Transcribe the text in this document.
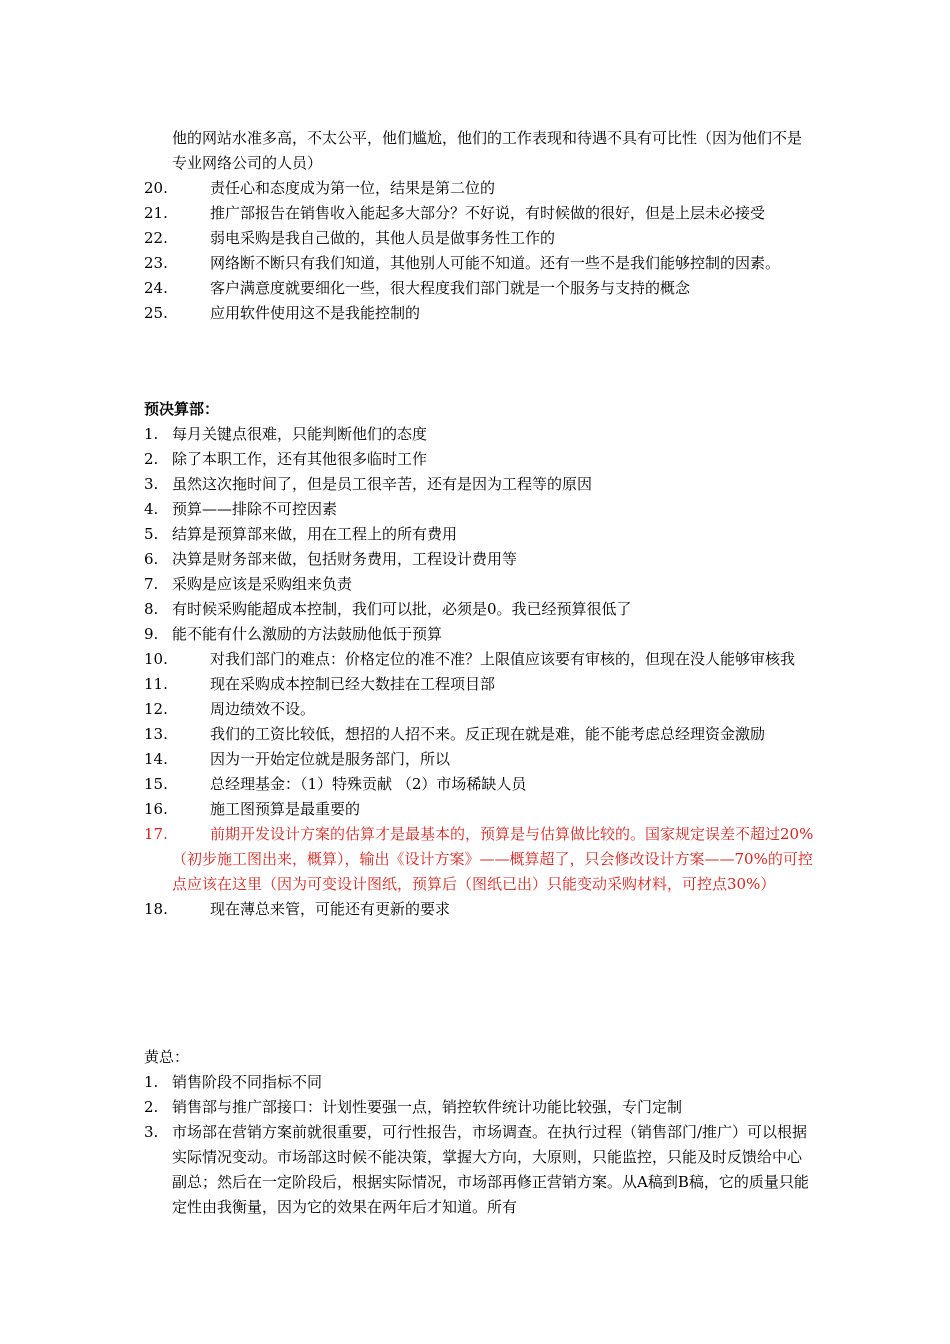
他的网站水准多高，不太公平，他们尴尬，他们的工作表现和待遇不具有可比性（因为他们不是专业网络公司的人员）
20.	责任心和态度成为第一位，结果是第二位的
21.	推广部报告在销售收入能起多大部分？不好说，有时候做的很好，但是上层未必接受
22.	弱电采购是我自己做的，其他人员是做事务性工作的
23.	网络断不断只有我们知道，其他别人可能不知道。还有一些不是我们能够控制的因素。
24.	客户满意度就要细化一些，很大程度我们部门就是一个服务与支持的概念
25.	应用软件使用这不是我能控制的
预决算部：
1. 每月关键点很难，只能判断他们的态度
2. 除了本职工作，还有其他很多临时工作
3. 虽然这次拖时间了，但是员工很辛苦，还有是因为工程等的原因
4. 预算——排除不可控因素
5. 结算是预算部来做，用在工程上的所有费用
6. 决算是财务部来做，包括财务费用，工程设计费用等
7. 采购是应该是采购组来负责
8. 有时候采购能超成本控制，我们可以批，必须是0。我已经预算很低了
9. 能不能有什么激励的方法鼓励他低于预算
10.	对我们部门的难点：价格定位的准不准？上限值应该要有审核的，但现在没人能够审核我
11.	现在采购成本控制已经大数挂在工程项目部
12.	周边绩效不设。
13.	我们的工资比较低，想招的人招不来。反正现在就是难，能不能考虑总经理资金激励
14.	因为一开始定位就是服务部门，所以
15.	总经理基金：（1）特殊贡献 （2）市场稀缺人员
16.	施工图预算是最重要的
17.	前期开发设计方案的估算才是最基本的，预算是与估算做比较的。国家规定误差不超过20%（初步施工图出来，概算），输出《设计方案》——概算超了，只会修改设计方案——70%的可控点应该在这里（因为可变设计图纸，预算后（图纸已出）只能变动采购材料，可控点30%）
18.	现在薄总来管，可能还有更新的要求
黄总：
1. 销售阶段不同指标不同
2. 销售部与推广部接口：计划性要强一点，销控软件统计功能比较强，专门定制
3. 市场部在营销方案前就很重要，可行性报告，市场调查。在执行过程（销售部门/推广）可以根据实际情况变动。市场部这时候不能决策，掌握大方向，大原则，只能监控，只能及时反馈给中心副总；然后在一定阶段后，根据实际情况，市场部再修正营销方案。从A稿到B稿，它的质量只能定性由我衡量，因为它的效果在两年后才知道。所有
